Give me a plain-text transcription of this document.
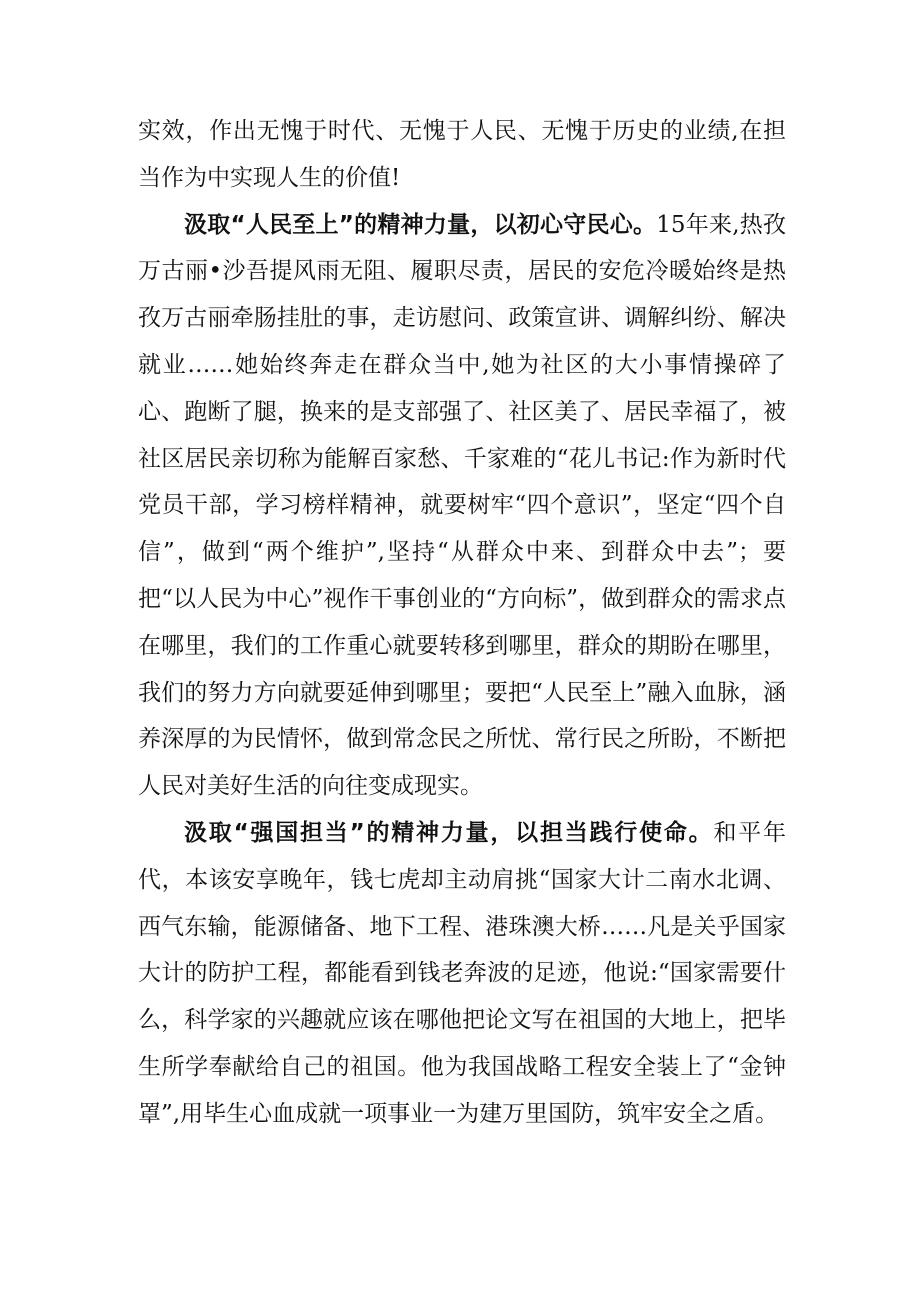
实效，作出无愧于时代、无愧于人民、无愧于历史的业绩,在担当作为中实现人生的价值!

汲取“人民至上”的精神力量，以初心守民心。15年来,热孜万古丽•沙吾提风雨无阻、履职尽责，居民的安危冷暖始终是热孜万古丽牵肠挂肚的事，走访慰问、政策宣讲、调解纠纷、解决就业……她始终奔走在群众当中,她为社区的大小事情操碎了心、跑断了腿，换来的是支部强了、社区美了、居民幸福了，被社区居民亲切称为能解百家愁、千家难的“花儿书记:作为新时代党员干部，学习榜样精神，就要树牢“四个意识”，坚定“四个自信”，做到“两个维护”,坚持“从群众中来、到群众中去”；要把“以人民为中心”视作干事创业的“方向标”，做到群众的需求点在哪里，我们的工作重心就要转移到哪里，群众的期盼在哪里，我们的努力方向就要延伸到哪里；要把“人民至上”融入血脉，涵养深厚的为民情怀，做到常念民之所忧、常行民之所盼，不断把人民对美好生活的向往变成现实。

汲取“强国担当”的精神力量，以担当践行使命。和平年代，本该安享晚年，钱七虎却主动肩挑“国家大计二南水北调、西气东输，能源储备、地下工程、港珠澳大桥……凡是关乎国家大计的防护工程，都能看到钱老奔波的足迹，他说:“国家需要什么，科学家的兴趣就应该在哪他把论文写在祖国的大地上，把毕生所学奉献给自己的祖国。他为我国战略工程安全装上了“金钟罩”,用毕生心血成就一项事业一为建万里国防，筑牢安全之盾。
